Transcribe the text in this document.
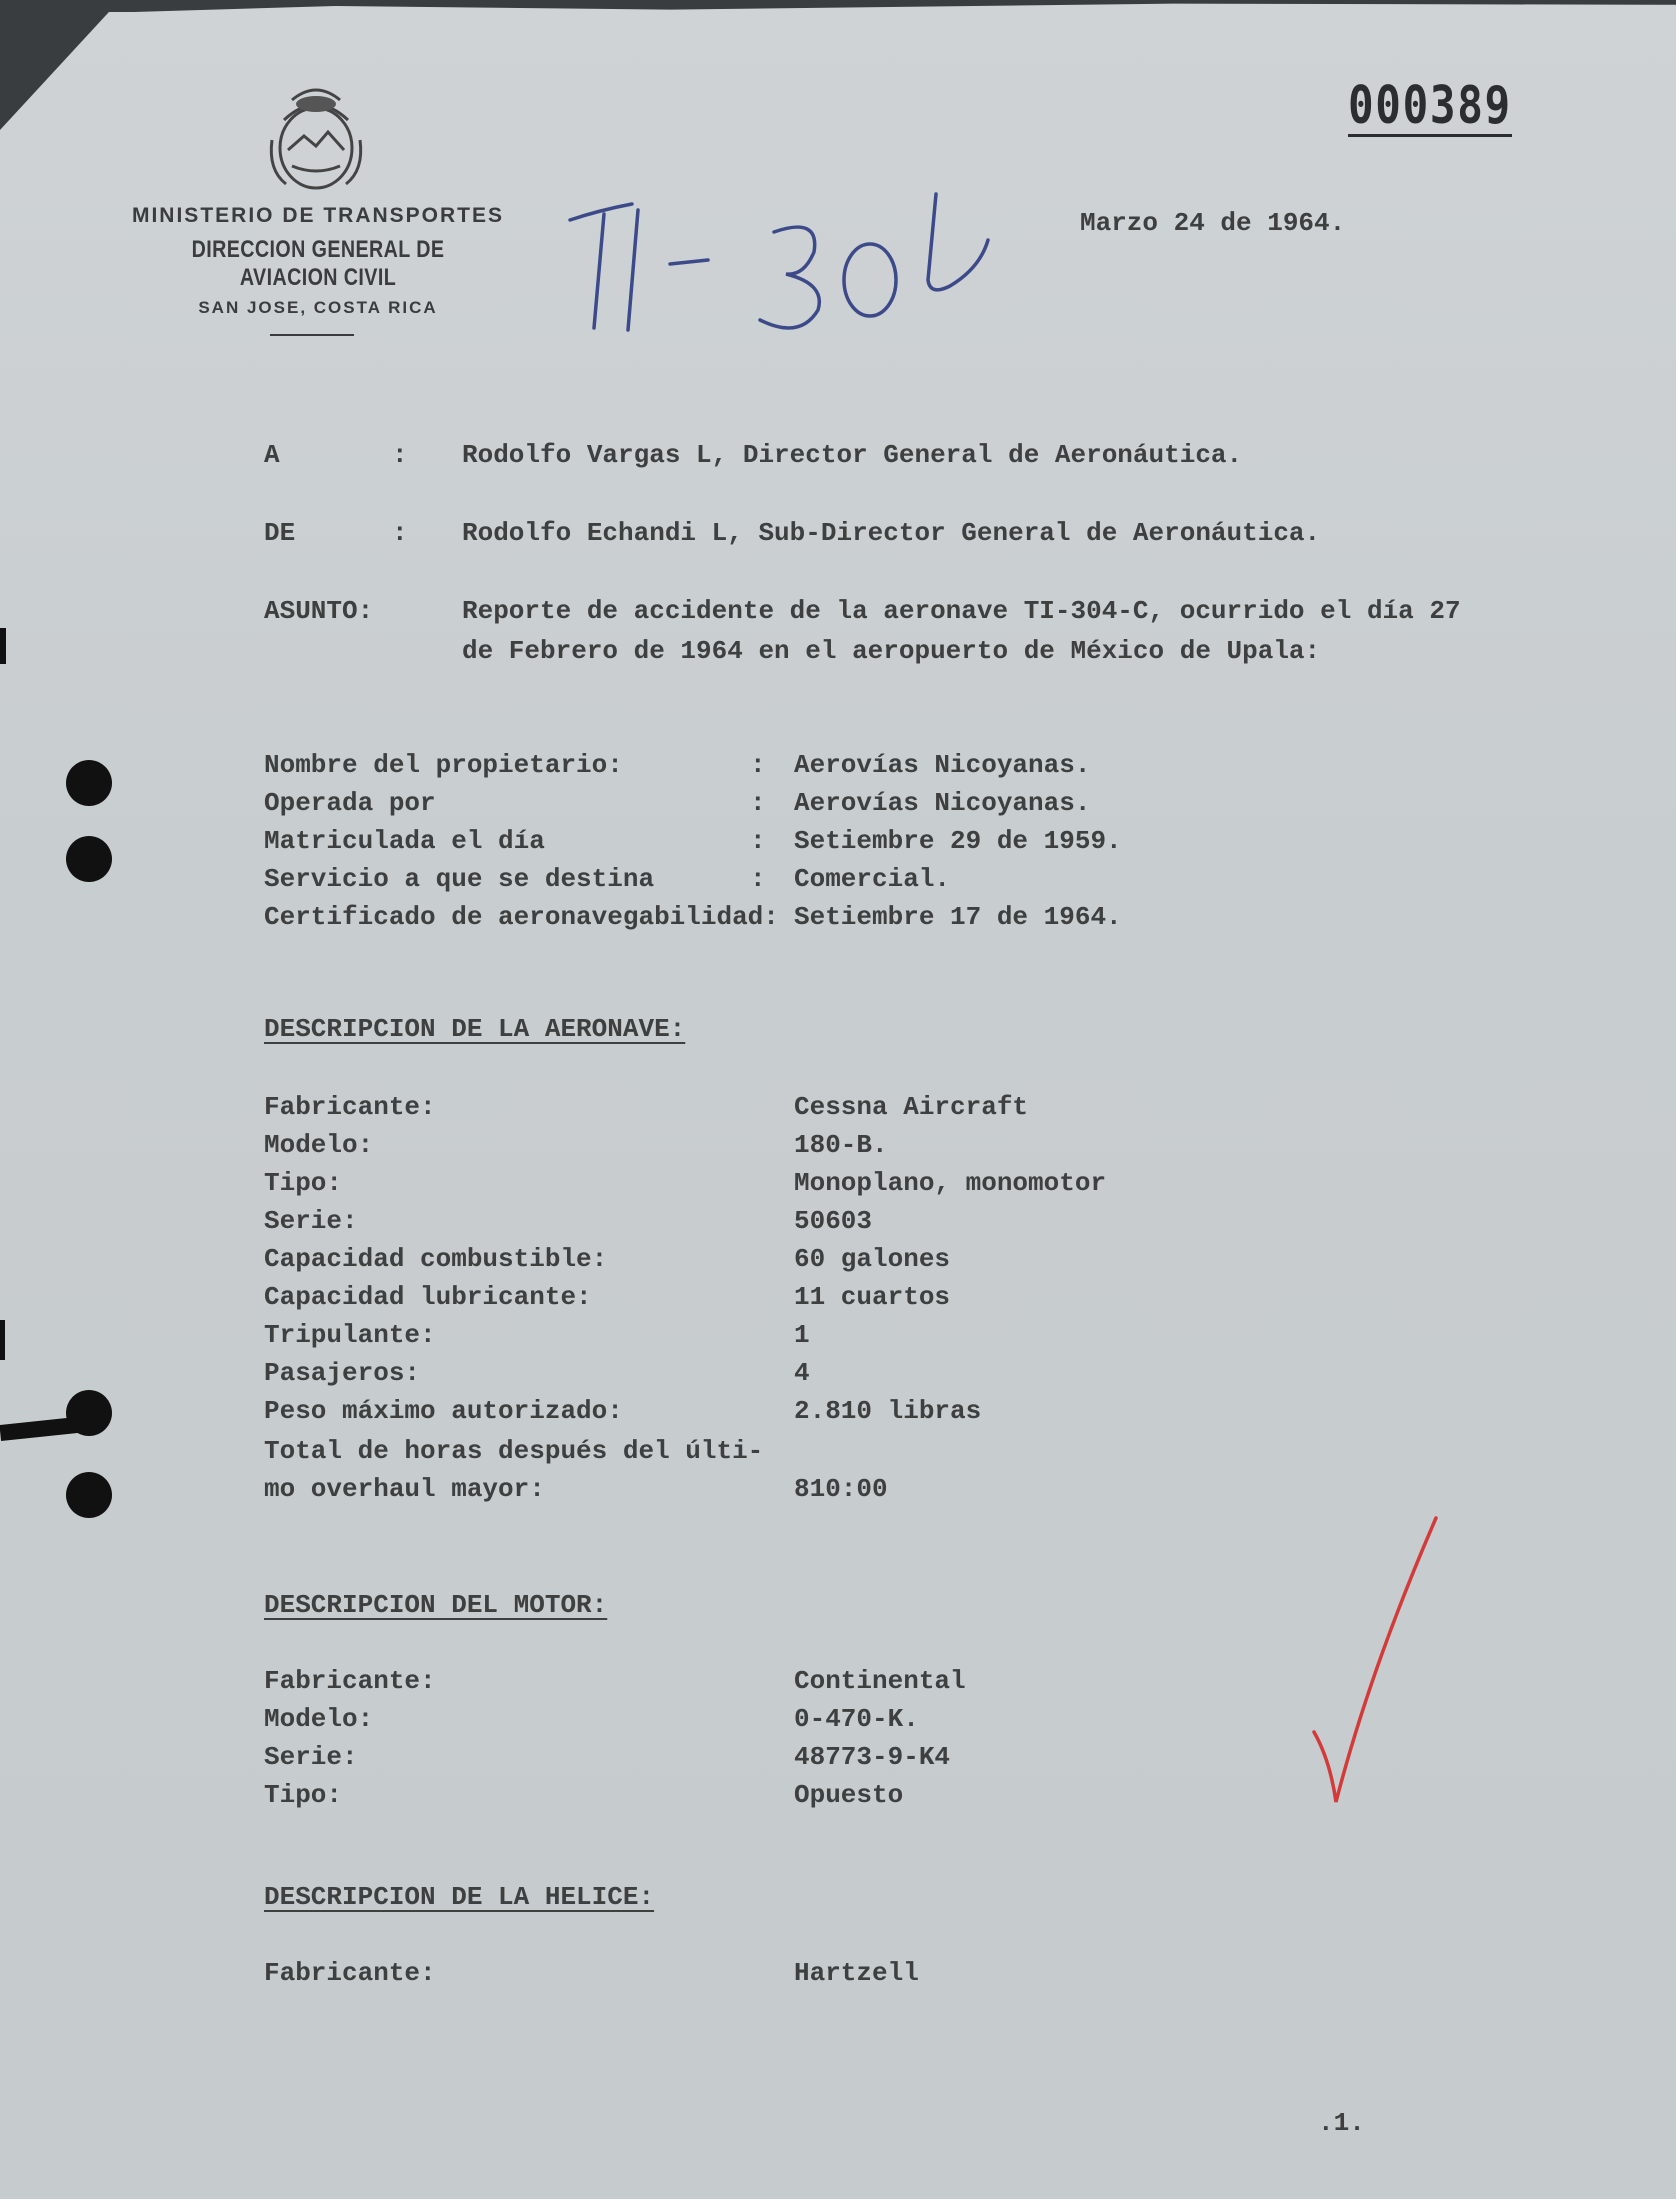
MINISTERIO DE TRANSPORTES
DIRECCION GENERAL DE AVIACION CIVIL
SAN JOSE, COSTA RICA
000389
Marzo 24 de 1964.
A	: Rodolfo Vargas L, Director General de Aeronáutica.
DE	: Rodolfo Echandi L, Sub-Director General de Aeronáutica.
ASUNTO:	Reporte de accidente de la aeronave TI-304-C, ocurrido el día 27
de Febrero de 1964 en el aeropuerto de México de Upala:
Nombre del propietario:	: Aerovías Nicoyanas.
Operada por	: Aerovías Nicoyanas.
Matriculada el día	: Setiembre 29 de 1959.
Servicio a que se destina	: Comercial.
Certificado de aeronavegabilidad: Setiembre 17 de 1964.
DESCRIPCION DE LA AERONAVE:
Fabricante:	Cessna Aircraft
Modelo:	180-B.
Tipo:	Monoplano, monomotor
Serie:	50603
Capacidad combustible:	60 galones
Capacidad lubricante:	11 cuartos
Tripulante:	1
Pasajeros:	4
Peso máximo autorizado:	2.810 libras
Total de horas después del últi-
mo overhaul mayor:	810:00
DESCRIPCION DEL MOTOR:
Fabricante:	Continental
Modelo:	0-470-K.
Serie:	48773-9-K4
Tipo:	Opuesto
DESCRIPCION DE LA HELICE:
Fabricante:	Hartzell
.1.
